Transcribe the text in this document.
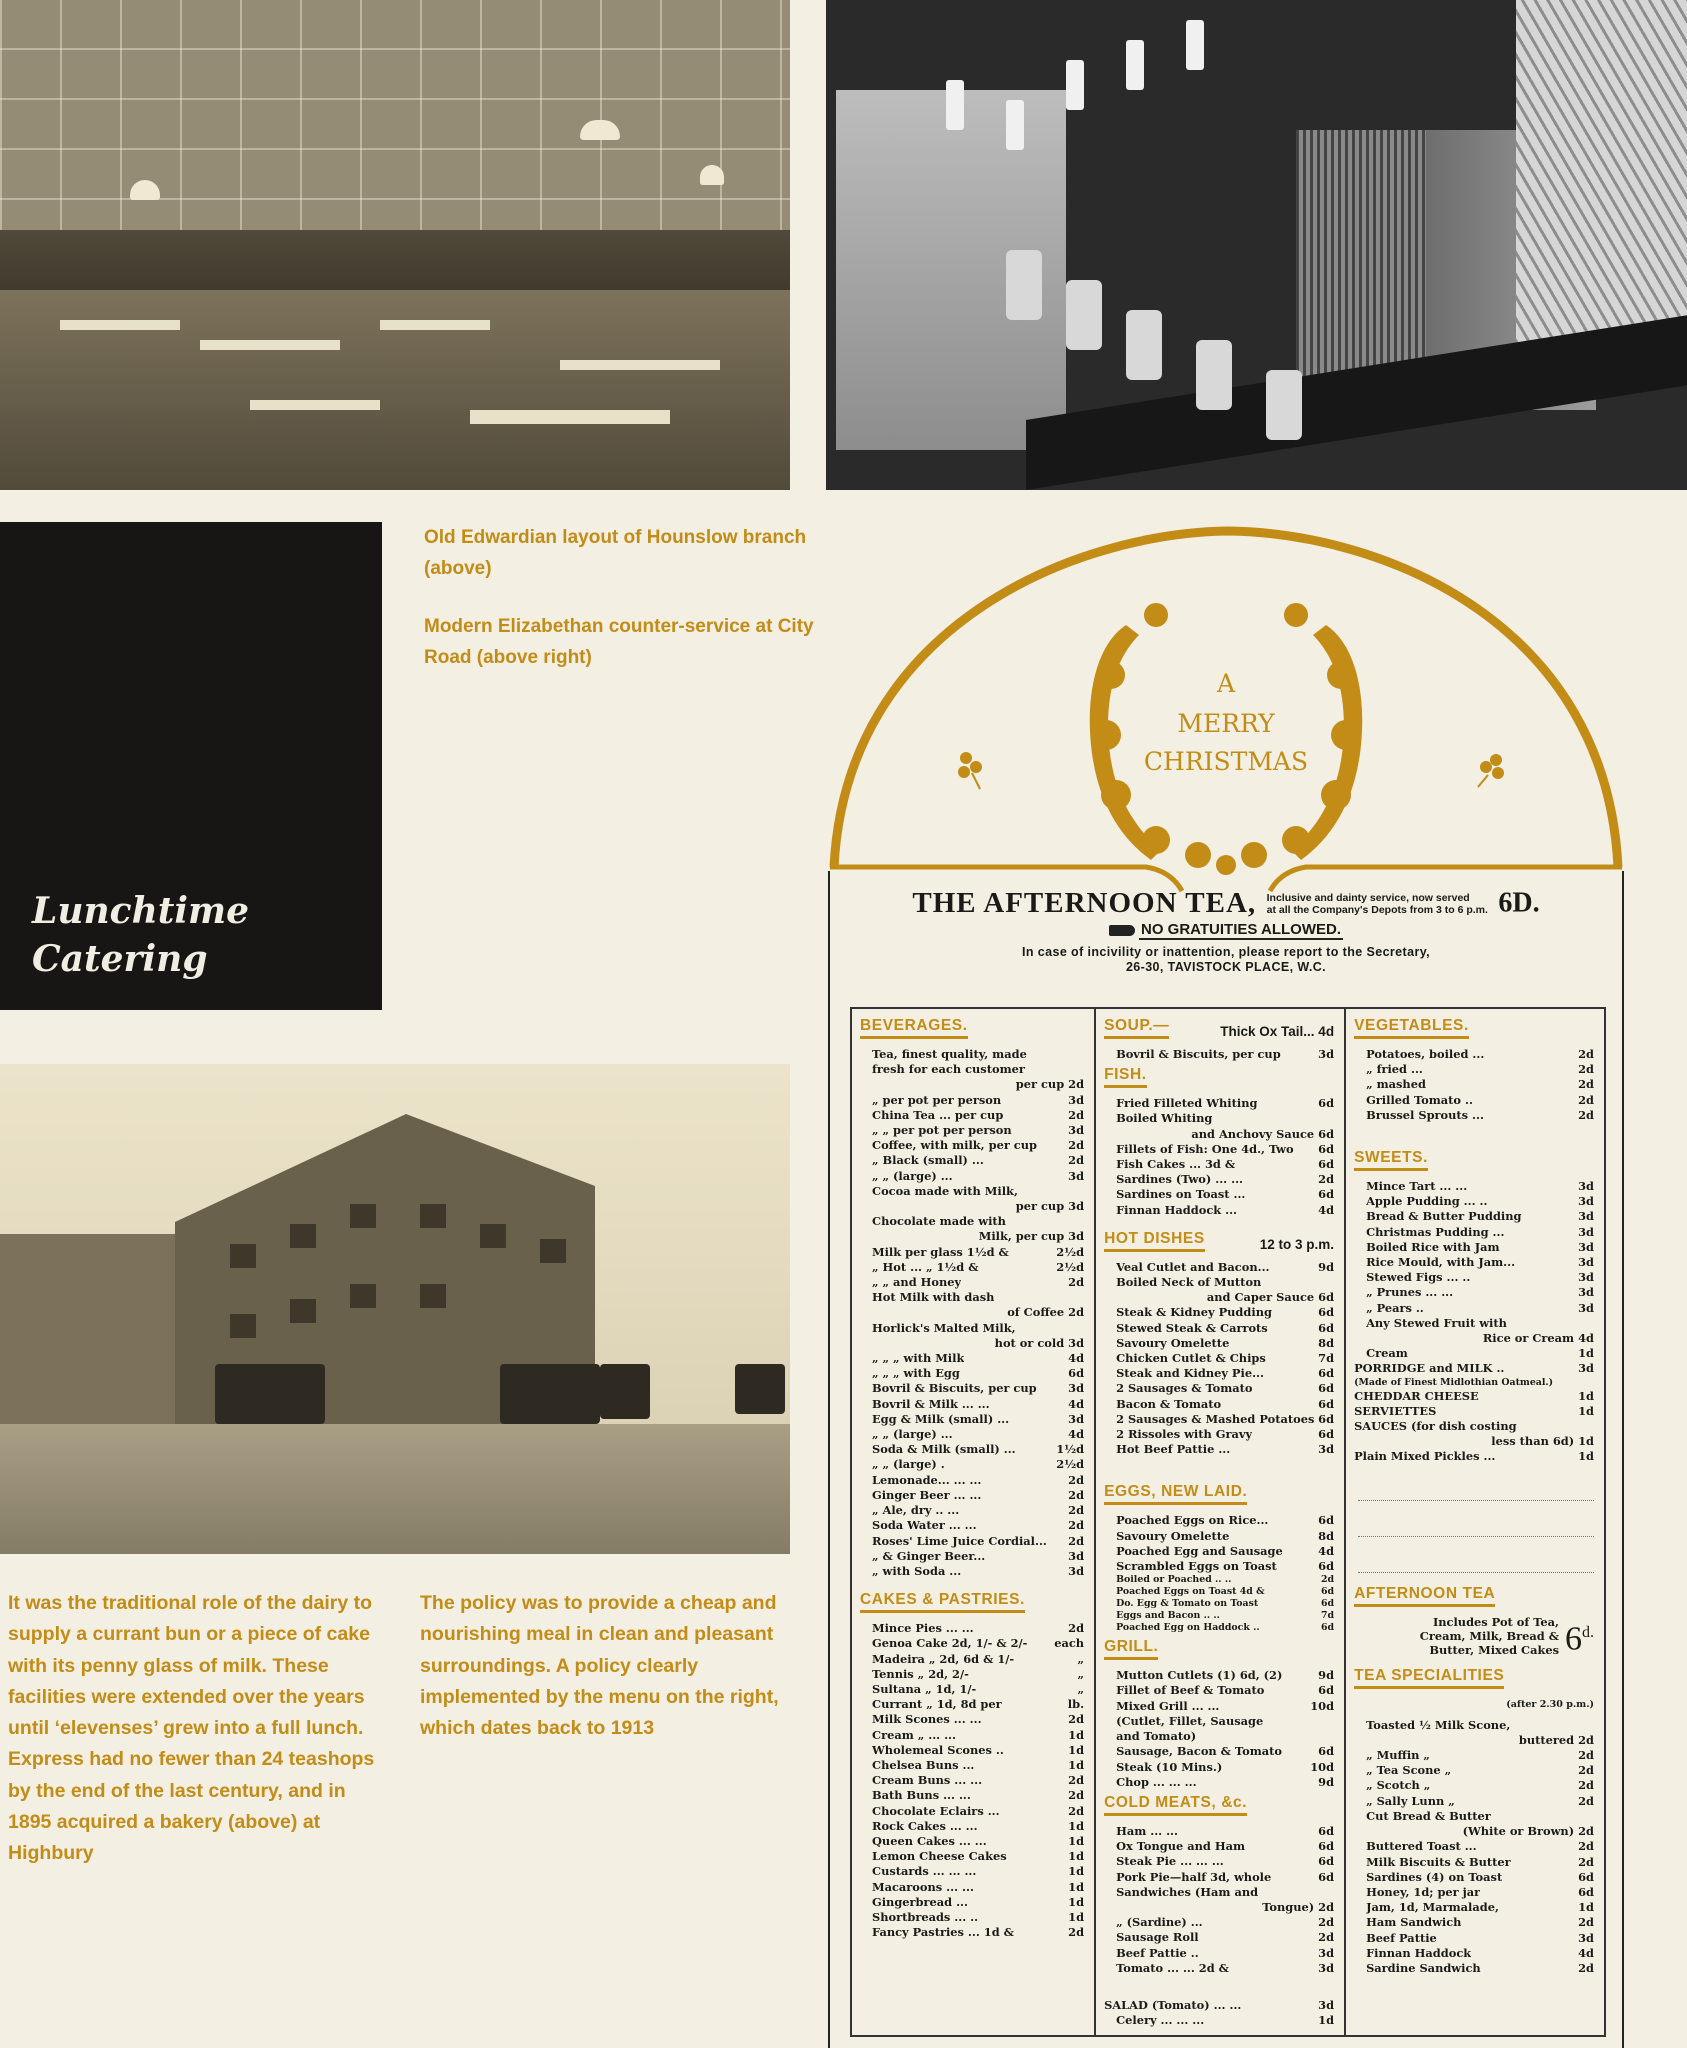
Lunchtime
Catering

Old Edwardian layout of Hounslow branch (above)

Modern Elizabethan counter-service at City Road (above right)

It was the traditional role of the dairy to supply a currant bun or a piece of cake with its penny glass of milk. These facilities were extended over the years until ‘elevenses’ grew into a full lunch. Express had no fewer than 24 teashops by the end of the last century, and in 1895 acquired a bakery (above) at Highbury
The policy was to provide a cheap and nourishing meal in clean and pleasant surroundings. A policy clearly implemented by the menu on the right, which dates back to 1913
A
MERRY
CHRISTMAS
THE AFTERNOON TEA, Inclusive and dainty service, now served
at all the Company's Depots from 3 to 6 p.m. 6D.
NO GRATUITIES ALLOWED.
In case of incivility or inattention, please report to the Secretary,
26-30, TAVISTOCK PLACE, W.C.
BEVERAGES.
Tea, finest quality, made
fresh for each customer
per cup 2d
„ per pot per person	3d
China Tea ... per cup	2d
„ „ per pot per person	3d
Coffee, with milk, per cup	2d
„ Black (small) ...	2d
„ „ (large) ...	3d
Cocoa made with Milk,
per cup 3d
Chocolate made with
Milk, per cup 3d
Milk per glass 1½d &	2½d
„ Hot ... „ 1½d &	2½d
„ „ and Honey	2d
Hot Milk with dash
of Coffee 2d
Horlick's Malted Milk,
hot or cold 3d
„ „ „ with Milk	4d
„ „ „ with Egg	6d
Bovril & Biscuits, per cup	3d
Bovril & Milk ... ...	4d
Egg & Milk (small) ...	3d
„ „ (large) ...	4d
Soda & Milk (small) ...	1½d
„ „ (large) .	2½d
Lemonade... ... ...	2d
Ginger Beer ... ...	2d
„ Ale, dry .. ...	2d
Soda Water ... ...	2d
Roses' Lime Juice Cordial...	2d
„ & Ginger Beer...	3d
„ with Soda ...	3d
CAKES & PASTRIES.
Mince Pies ... ...	2d
Genoa Cake 2d, 1/- & 2/-	each
Madeira „ 2d, 6d & 1/-	„
Tennis „ 2d, 2/-	„
Sultana „ 1d, 1/-	„
Currant „ 1d, 8d per	lb.
Milk Scones ... ...	2d
Cream „ ... ...	1d
Wholemeal Scones ..	1d
Chelsea Buns ...	1d
Cream Buns ... ...	2d
Bath Buns ... ...	2d
Chocolate Eclairs ...	2d
Rock Cakes ... ...	1d
Queen Cakes ... ...	1d
Lemon Cheese Cakes	1d
Custards ... ... ...	1d
Macaroons ... ...	1d
Gingerbread ...	1d
Shortbreads ... ..	1d
Fancy Pastries ... 1d &	2d
SOUP.—	Thick Ox Tail... 4d
Bovril & Biscuits, per cup	3d
FISH.
Fried Filleted Whiting	6d
Boiled Whiting
and Anchovy Sauce 6d
Fillets of Fish: One 4d., Two	6d
Fish Cakes ... 3d &	6d
Sardines (Two) ... ...	2d
Sardines on Toast ...	6d
Finnan Haddock ...	4d
HOT DISHES	12 to 3 p.m.
Veal Cutlet and Bacon...	9d
Boiled Neck of Mutton
and Caper Sauce 6d
Steak & Kidney Pudding	6d
Stewed Steak & Carrots	6d
Savoury Omelette	8d
Chicken Cutlet & Chips	7d
Steak and Kidney Pie...	6d
2 Sausages & Tomato	6d
Bacon & Tomato	6d
2 Sausages & Mashed Potatoes 6d
2 Rissoles with Gravy	6d
Hot Beef Pattie ...	3d
EGGS, NEW LAID.
Poached Eggs on Rice...	6d
Savoury Omelette	8d
Poached Egg and Sausage	4d
Scrambled Eggs on Toast	6d
Boiled or Poached .. ..	2d
Poached Eggs on Toast 4d &	6d
Do. Egg & Tomato on Toast	6d
Eggs and Bacon .. ..	7d
Poached Egg on Haddock ..	6d
GRILL.
Mutton Cutlets (1) 6d, (2)	9d
Fillet of Beef & Tomato	6d
Mixed Grill ... ...	10d
(Cutlet, Fillet, Sausage
and Tomato)
Sausage, Bacon & Tomato	6d
Steak (10 Mins.)	10d
Chop ... ... ...	9d
COLD MEATS, &c.
Ham ... ...	6d
Ox Tongue and Ham	6d
Steak Pie ... ... ...	6d
Pork Pie—half 3d, whole	6d
Sandwiches (Ham and
Tongue) 2d
„ (Sardine) ...	2d
Sausage Roll	2d
Beef Pattie ..	3d
Tomato ... ... 2d &	3d
SALAD (Tomato) ... ...	3d
Celery ... ... ...	1d
VEGETABLES.
Potatoes, boiled ...	2d
„ fried ...	2d
„ mashed	2d
Grilled Tomato ..	2d
Brussel Sprouts ...	2d
SWEETS.
Mince Tart ... ...	3d
Apple Pudding ... ..	3d
Bread & Butter Pudding	3d
Christmas Pudding ...	3d
Boiled Rice with Jam	3d
Rice Mould, with Jam...	3d
Stewed Figs ... ..	3d
„ Prunes ... ...	3d
„ Pears ..	3d
Any Stewed Fruit with
Rice or Cream 4d
Cream	1d
PORRIDGE and MILK ..	3d
(Made of Finest Midlothian Oatmeal.)
CHEDDAR CHEESE	1d
SERVIETTES	1d
SAUCES (for dish costing
less than 6d) 1d
Plain Mixed Pickles ...	1d
AFTERNOON TEA
Includes Pot of Tea,
Cream, Milk, Bread &
Butter, Mixed Cakes $6^{d.}$
TEA SPECIALITIES
(after 2.30 p.m.)
Toasted ½ Milk Scone,
buttered 2d
„ Muffin „	2d
„ Tea Scone „	2d
„ Scotch „	2d
„ Sally Lunn „	2d
Cut Bread & Butter
(White or Brown) 2d
Buttered Toast ...	2d
Milk Biscuits & Butter	2d
Sardines (4) on Toast	6d
Honey, 1d; per jar	6d
Jam, 1d, Marmalade,	1d
Ham Sandwich	2d
Beef Pattie	3d
Finnan Haddock	4d
Sardine Sandwich	2d
